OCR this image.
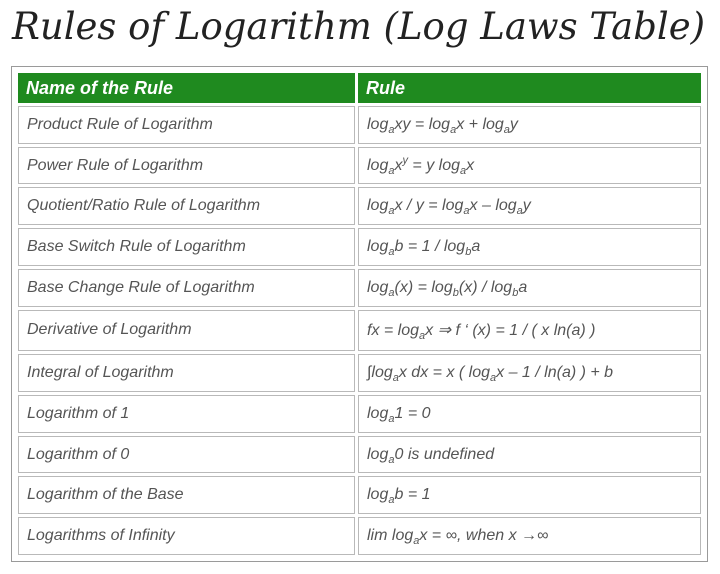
Rules of Logarithm (Log Laws Table)
Name of the Rule	Rule
Product Rule of Logarithm	$\log_axy = \log_ax + \log_ay$
Power Rule of Logarithm	$\log_ax^y = y$ $\log_ax$
Quotient/Ratio Rule of Logarithm	$\log_ax / y = \log_ax - \log_ay$
Base Switch Rule of Logarithm	$\log_ab = 1 / \log_ba$
Base Change Rule of Logarithm	$\log_a(x) = \log_b(x) / \log_ba$
Derivative of Logarithm	fx = $\log_ax$ ⇒ f ‘ (x) = 1 / ( x ln(a) )
Integral of Logarithm	$\int\log_ax$ dx = x ( $\log_ax - 1 / \ln(a)$ ) + b
Logarithm of 1	$\log_a1 = 0$
Logarithm of 0	$\log_a0$ is undefined
Logarithm of the Base	$\log_ab = 1$
Logarithms of Infinity	$\lim \log_ax$ = ∞, when x →∞
